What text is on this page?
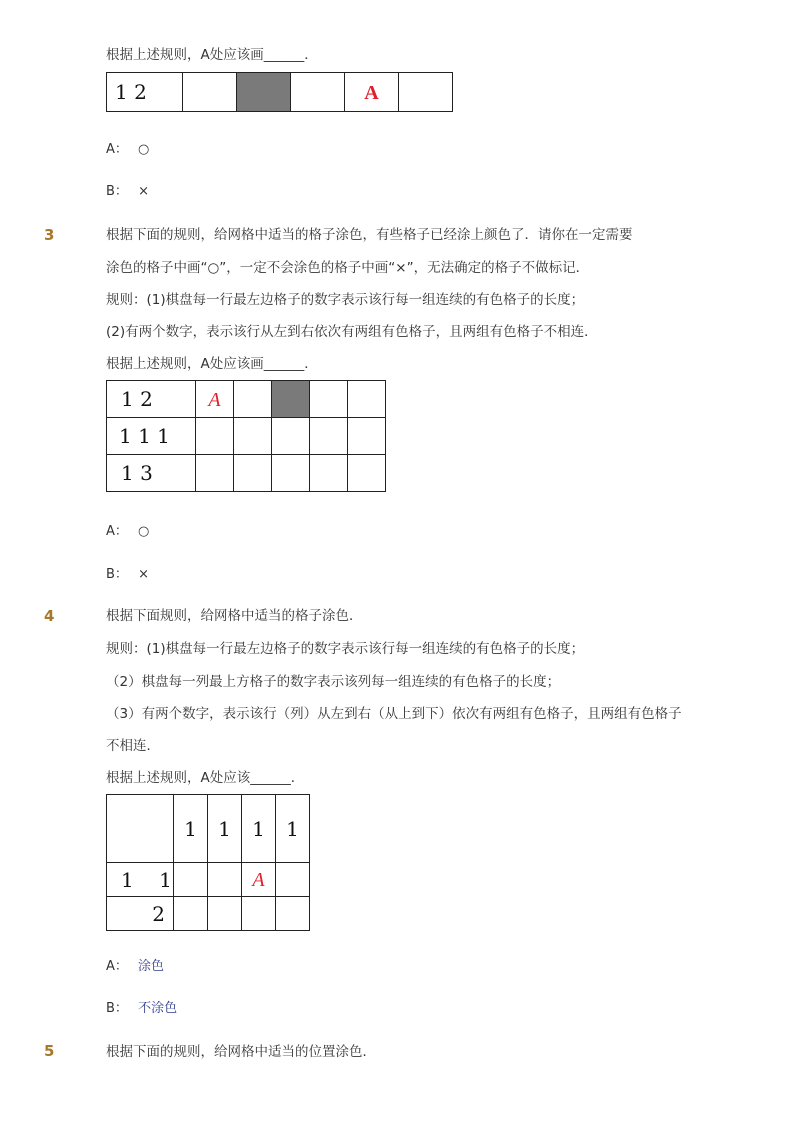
根据上述规则，A处应该画______．
1 2				A	
A： ○
B： ×
3	根据下面的规则，给网格中适当的格子涂色，有些格子已经涂上颜色了．请你在一定需要
涂色的格子中画“○”，一定不会涂色的格子中画“×”，无法确定的格子不做标记．
规则：(1)棋盘每一行最左边格子的数字表示该行每一组连续的有色格子的长度；
(2)有两个数字，表示该行从左到右依次有两组有色格子，且两组有色格子不相连．
根据上述规则，A处应该画______．
1 2	A				
1 1 1					
1 3					
A： ○
B： ×
4	根据下面规则，给网格中适当的格子涂色．
规则：(1)棋盘每一行最左边格子的数字表示该行每一组连续的有色格子的长度；
（2）棋盘每一列最上方格子的数字表示该列每一组连续的有色格子的长度；
（3）有两个数字，表示该行（列）从左到右（从上到下）依次有两组有色格子，且两组有色格子
不相连．
根据上述规则，A处应该______．
	1	1	1	1
1    1			A	
2				
A： 涂色
B： 不涂色
5	根据下面的规则，给网格中适当的位置涂色．
